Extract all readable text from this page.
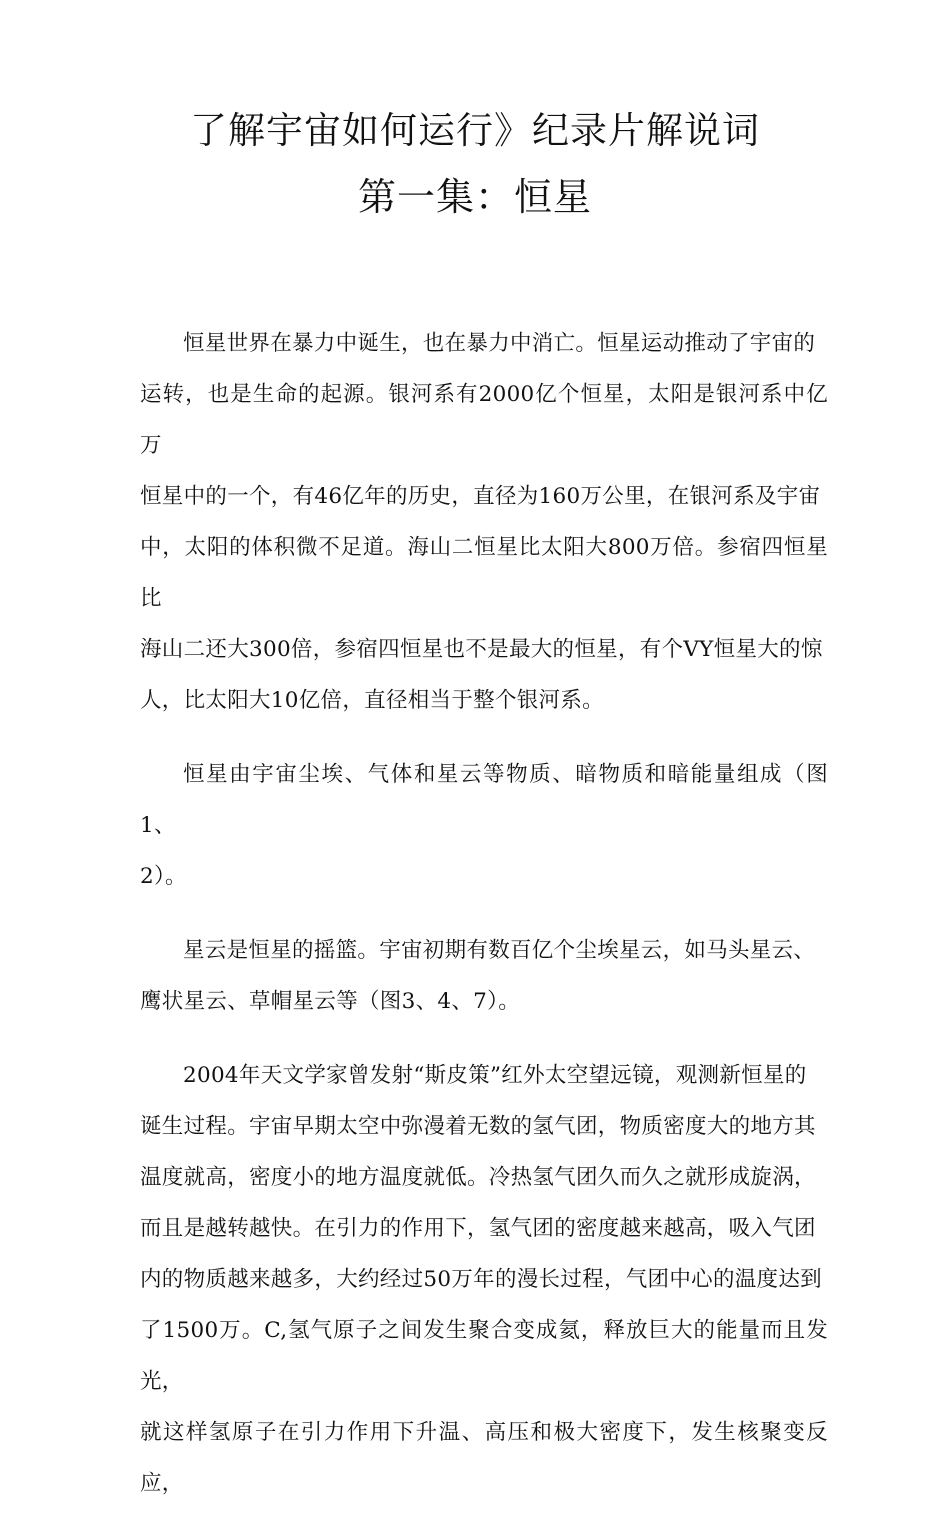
了解宇宙如何运行》纪录片解说词
第一集：恒星

恒星世界在暴力中诞生，也在暴力中消亡。恒星运动推动了宇宙的
运转，也是生命的起源。银河系有2000亿个恒星，太阳是银河系中亿万
恒星中的一个，有46亿年的历史，直径为160万公里，在银河系及宇宙
中，太阳的体积微不足道。海山二恒星比太阳大800万倍。参宿四恒星比
海山二还大300倍，参宿四恒星也不是最大的恒星，有个VY恒星大的惊
人，比太阳大10亿倍，直径相当于整个银河系。

恒星由宇宙尘埃、气体和星云等物质、暗物质和暗能量组成（图1、
2）。

星云是恒星的摇篮。宇宙初期有数百亿个尘埃星云，如马头星云、
鹰状星云、草帽星云等（图3、4、7）。

2004年天文学家曾发射“斯皮策”红外太空望远镜，观测新恒星的
诞生过程。宇宙早期太空中弥漫着无数的氢气团，物质密度大的地方其
温度就高，密度小的地方温度就低。冷热氢气团久而久之就形成旋涡，
而且是越转越快。在引力的作用下，氢气团的密度越来越高，吸入气团
内的物质越来越多，大约经过50万年的漫长过程，气团中心的温度达到
了1500万。C,氢气原子之间发生聚合变成氦，释放巨大的能量而且发光，
就这样氢原子在引力作用下升温、高压和极大密度下，发生核聚变反应，
